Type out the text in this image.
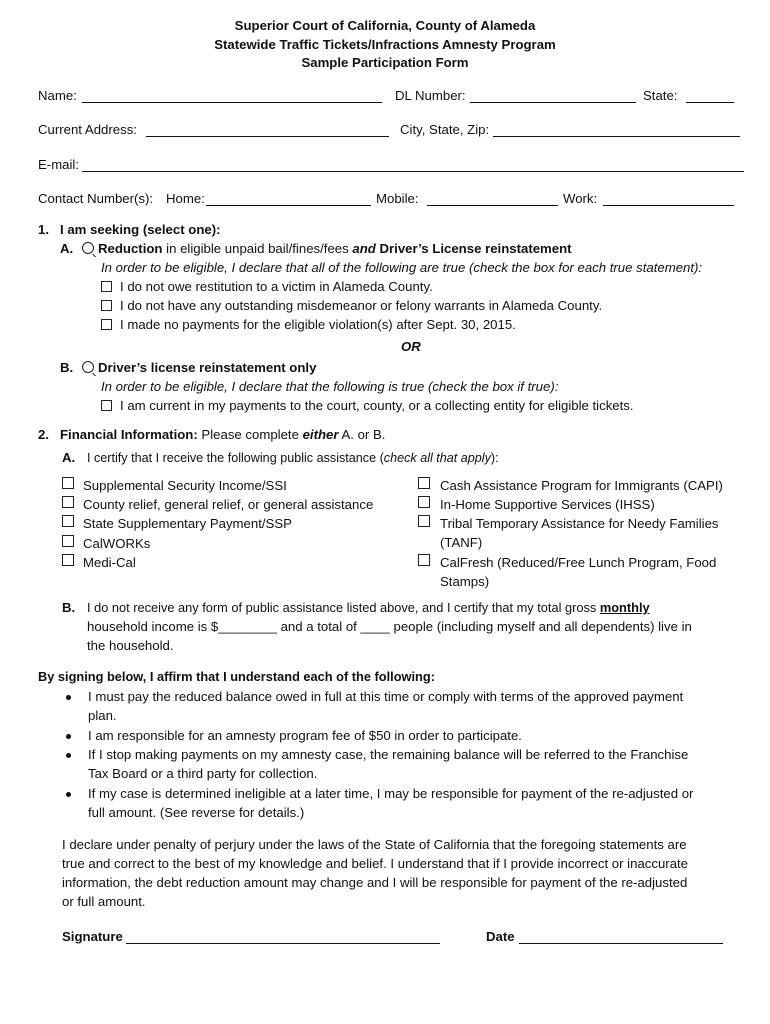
Superior Court of California, County of Alameda
Statewide Traffic Tickets/Infractions Amnesty Program
Sample Participation Form
Name:	DL Number:	State:
Current Address:	City, State, Zip:
E-mail:
Contact Number(s): Home:	Mobile:	Work:
1. I am seeking (select one):
A.	Reduction in eligible unpaid bail/fines/fees and Driver’s License reinstatement
In order to be eligible, I declare that all of the following are true (check the box for each true statement):
I do not owe restitution to a victim in Alameda County.
I do not have any outstanding misdemeanor or felony warrants in Alameda County.
I made no payments for the eligible violation(s) after Sept. 30, 2015.
OR
B.	Driver’s license reinstatement only
In order to be eligible, I declare that the following is true (check the box if true):
I am current in my payments to the court, county, or a collecting entity for eligible tickets.
2. Financial Information: Please complete either A. or B.
A. I certify that I receive the following public assistance (check all that apply):
Supplemental Security Income/SSI
County relief, general relief, or general assistance
State Supplementary Payment/SSP
CalWORKs
Medi-Cal
Cash Assistance Program for Immigrants (CAPI)
In-Home Supportive Services (IHSS)
Tribal Temporary Assistance for Needy Families
(TANF)
CalFresh (Reduced/Free Lunch Program, Food
Stamps)
B. I do not receive any form of public assistance listed above, and I certify that my total gross monthly
household income is $________ and a total of ____ people (including myself and all dependents) live in
the household.
By signing below, I affirm that I understand each of the following:
I must pay the reduced balance owed in full at this time or comply with terms of the approved payment
plan.
I am responsible for an amnesty program fee of $50 in order to participate.
If I stop making payments on my amnesty case, the remaining balance will be referred to the Franchise
Tax Board or a third party for collection.
If my case is determined ineligible at a later time, I may be responsible for payment of the re-adjusted or
full amount. (See reverse for details.)
I declare under penalty of perjury under the laws of the State of California that the foregoing statements are
true and correct to the best of my knowledge and belief. I understand that if I provide incorrect or inaccurate
information, the debt reduction amount may change and I will be responsible for payment of the re-adjusted
or full amount.
Signature	Date
